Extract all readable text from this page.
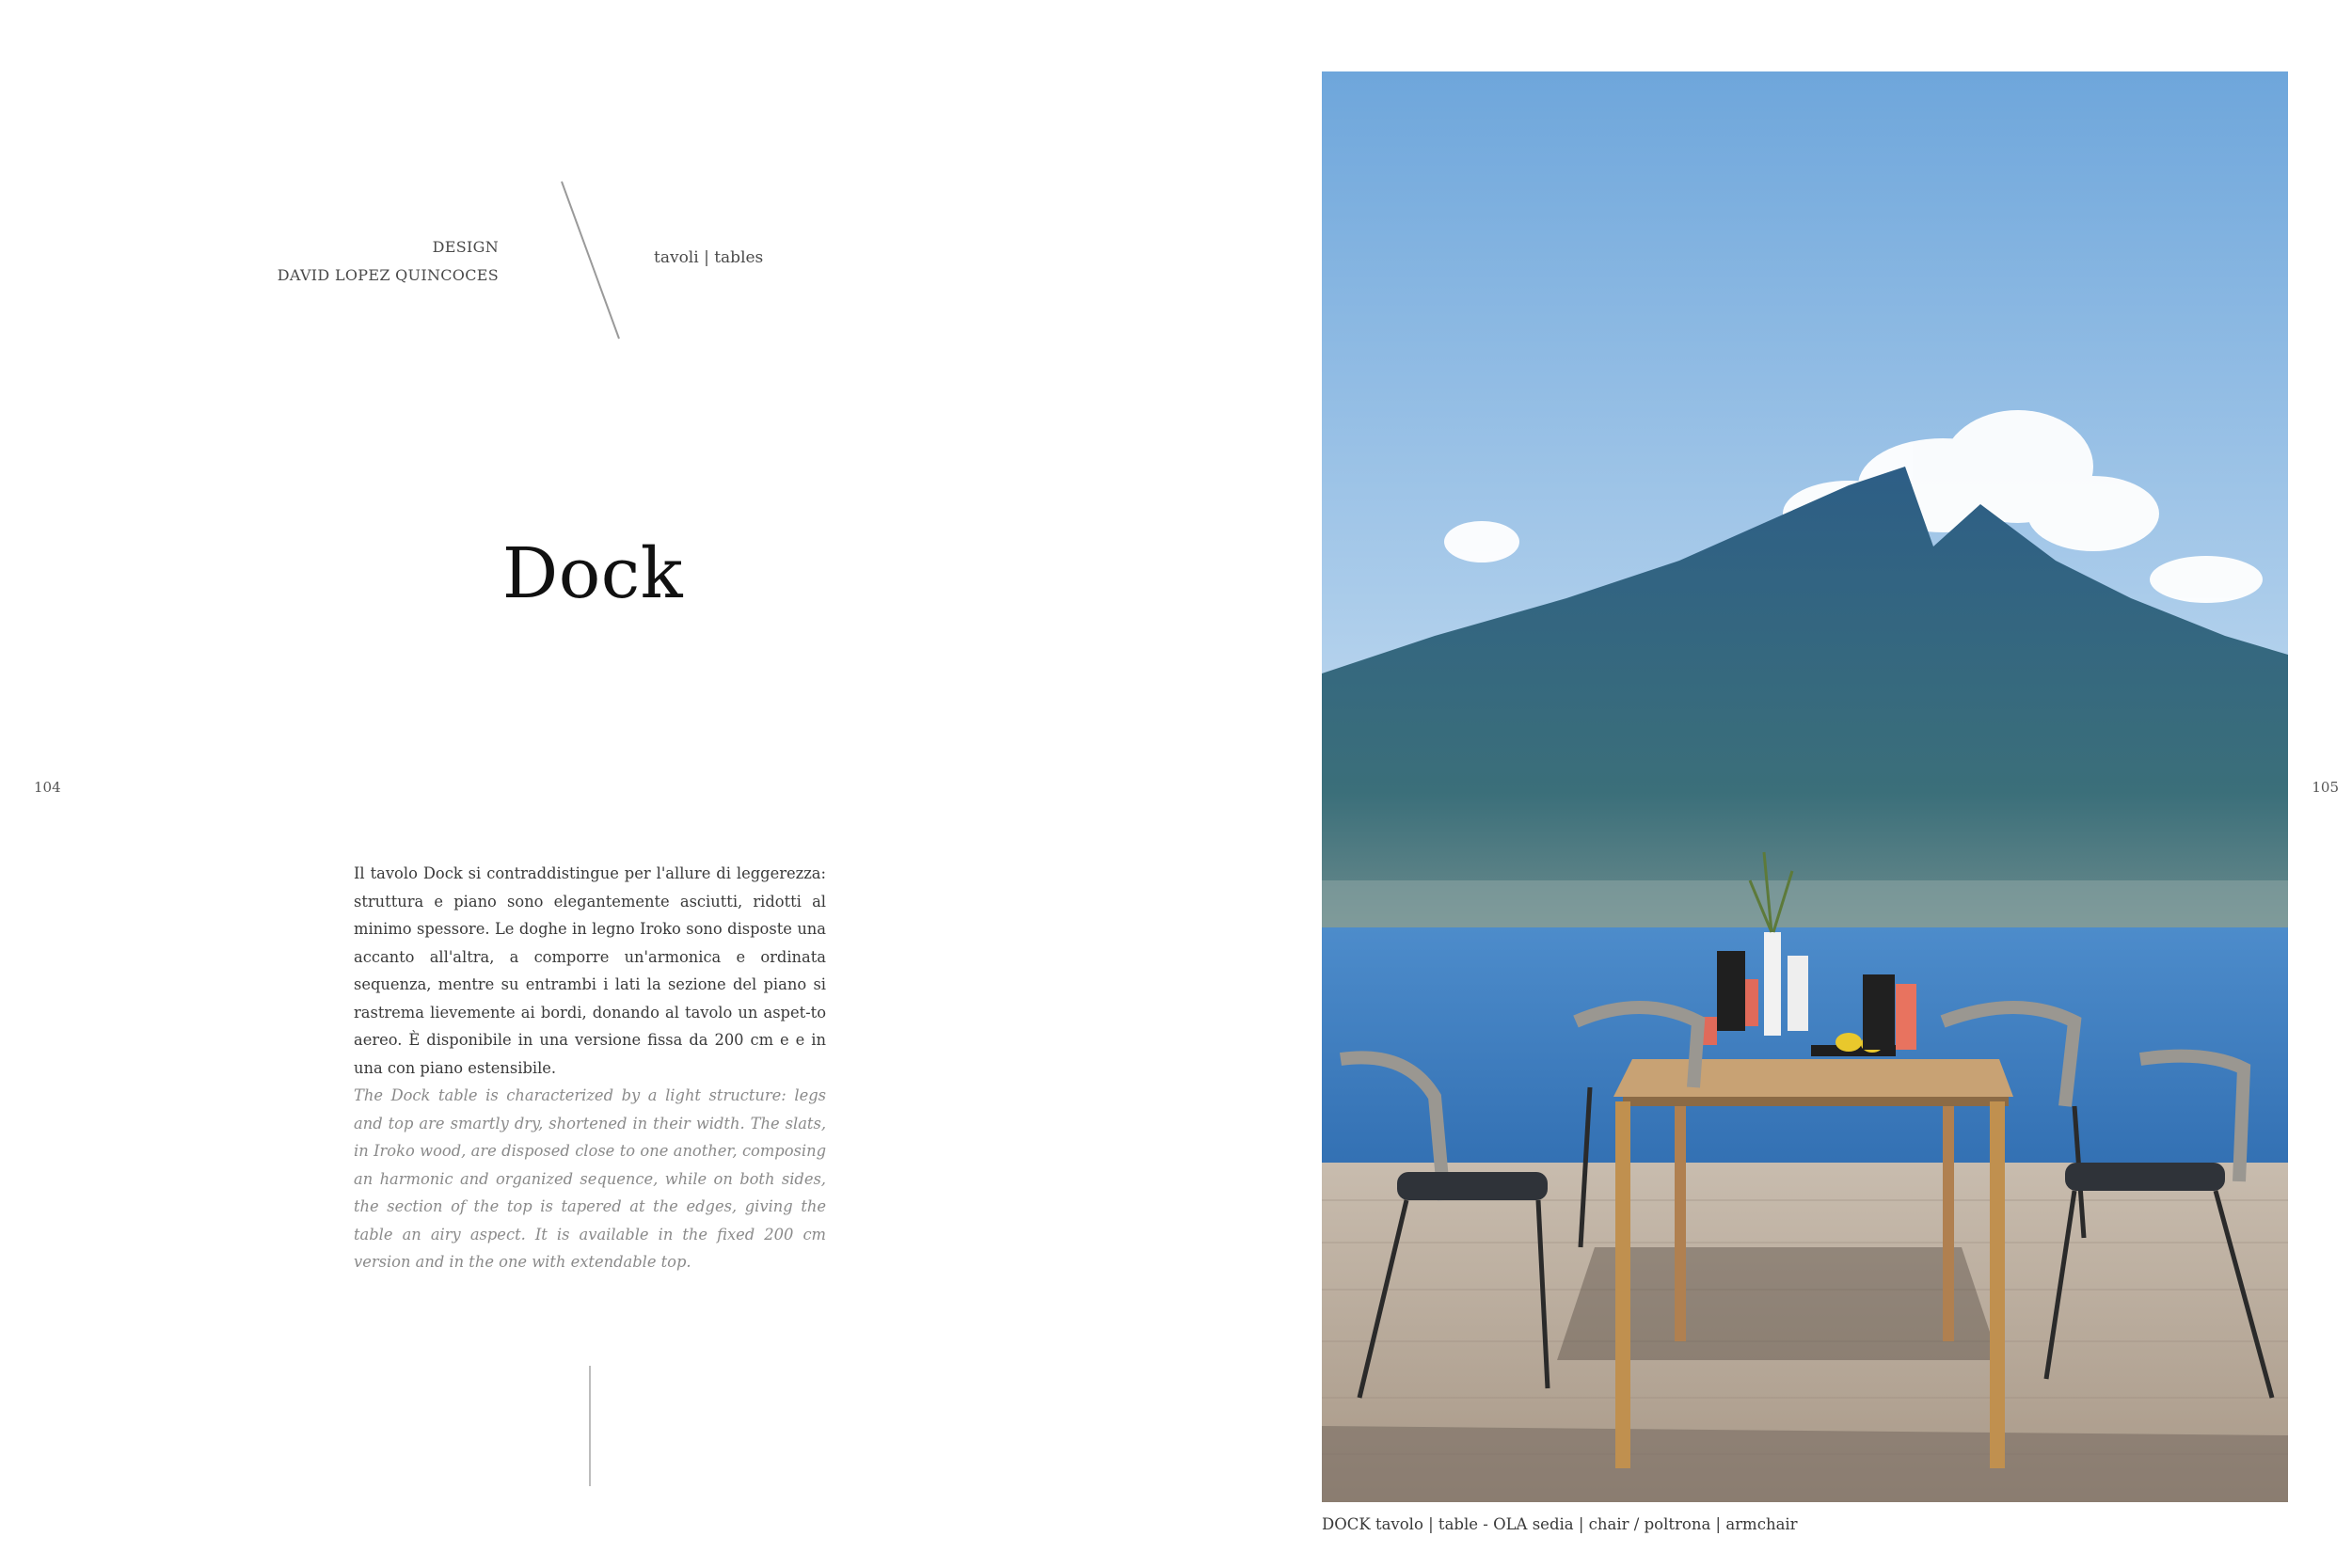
DESIGN
DAVID LOPEZ QUINCOCES
tavoli | tables
Dock
104	105

Il tavolo Dock si contraddistingue per l'allure di leggerezza: struttura e piano sono elegantemente asciutti, ridotti al minimo spessore. Le doghe in legno Iroko sono disposte una accanto all'altra, a comporre un'armonica e ordinata sequenza, mentre su entrambi i lati la sezione del piano si rastrema lievemente ai bordi, donando al tavolo un aspet-to aereo. È disponibile in una versione fissa da 200 cm e e in una con piano estensibile.

The Dock table is characterized by a light structure: legs and top are smartly dry, shortened in their width. The slats, in Iroko wood, are disposed close to one another, composing an harmonic and organized sequence, while on both sides, the section of the top is tapered at the edges, giving the table an airy aspect. It is available in the fixed 200 cm version and in the one with extendable top.

DOCK tavolo | table - OLA sedia | chair / poltrona | armchair
